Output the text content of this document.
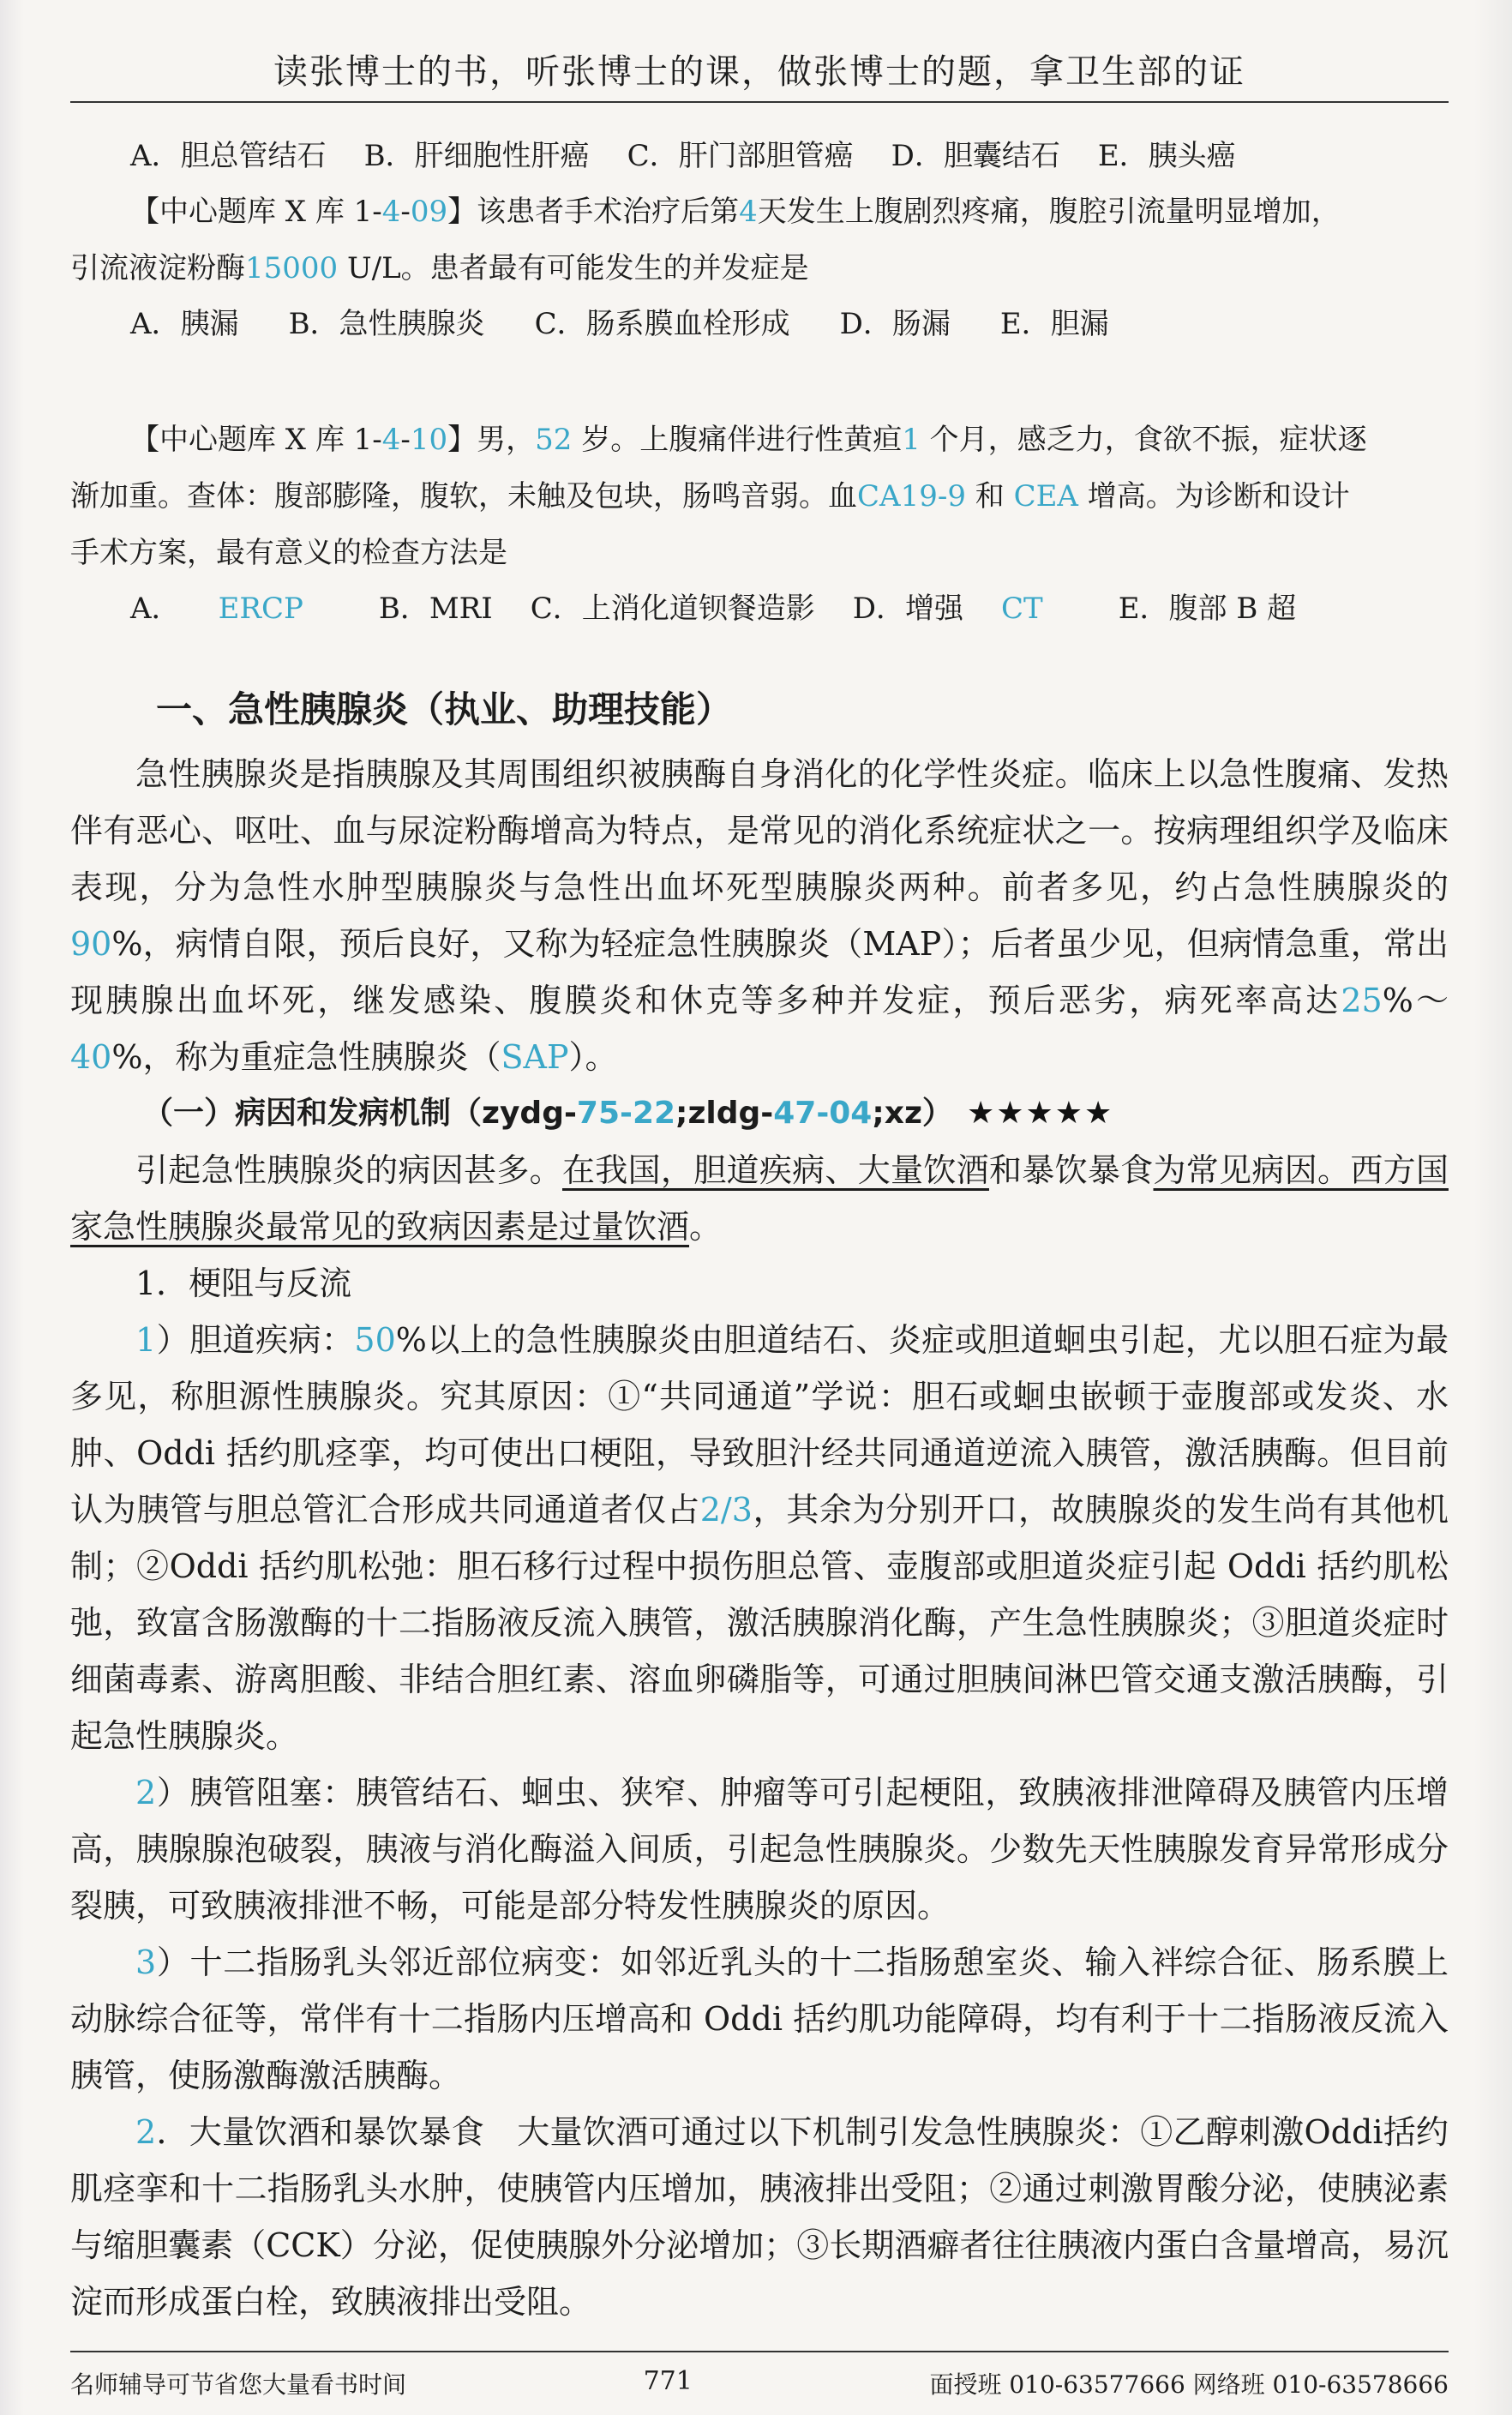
读张博士的书，听张博士的课，做张博士的题，拿卫生部的证
A．胆总管结石 B．肝细胞性肝癌 C．肝门部胆管癌 D．胆囊结石 E．胰头癌
【中心题库 X 库 1-4-09】该患者手术治疗后第4天发生上腹剧烈疼痛，腹腔引流量明显增加，
引流液淀粉酶15000 U/L。患者最有可能发生的并发症是
A．胰漏 B．急性胰腺炎 C．肠系膜血栓形成 D．肠漏 E．胆漏
【中心题库 X 库 1-4-10】男，52 岁。上腹痛伴进行性黄疸1 个月，感乏力，食欲不振，症状逐
渐加重。查体：腹部膨隆，腹软，未触及包块，肠鸣音弱。血CA19-9 和 CEA 增高。为诊断和设计
手术方案，最有意义的检查方法是
A． ERCP	B．MRI C．上消化道钡餐造影 D．增强 CT	E．腹部 B 超
一、急性胰腺炎（执业、助理技能）
急性胰腺炎是指胰腺及其周围组织被胰酶自身消化的化学性炎症。临床上以急性腹痛、发热伴有恶心、呕吐、血与尿淀粉酶增高为特点，是常见的消化系统症状之一。按病理组织学及临床表现，分为急性水肿型胰腺炎与急性出血坏死型胰腺炎两种。前者多见，约占急性胰腺炎的90%，病情自限，预后良好，又称为轻症急性胰腺炎（MAP）；后者虽少见，但病情急重，常出现胰腺出血坏死，继发感染、腹膜炎和休克等多种并发症，预后恶劣，病死率高达25%～40%，称为重症急性胰腺炎（SAP）。
（一）病因和发病机制（zydg-75-22;zldg-47-04;xz） ★★★★★
引起急性胰腺炎的病因甚多。在我国，胆道疾病、大量饮酒和暴饮暴食为常见病因。西方国家急性胰腺炎最常见的致病因素是过量饮酒。
1．梗阻与反流
1）胆道疾病：50%以上的急性胰腺炎由胆道结石、炎症或胆道蛔虫引起，尤以胆石症为最多见，称胆源性胰腺炎。究其原因：①“共同通道”学说：胆石或蛔虫嵌顿于壶腹部或发炎、水肿、Oddi 括约肌痉挛，均可使出口梗阻，导致胆汁经共同通道逆流入胰管，激活胰酶。但目前认为胰管与胆总管汇合形成共同通道者仅占2/3，其余为分别开口，故胰腺炎的发生尚有其他机制；②Oddi 括约肌松弛：胆石移行过程中损伤胆总管、壶腹部或胆道炎症引起 Oddi 括约肌松弛，致富含肠激酶的十二指肠液反流入胰管，激活胰腺消化酶，产生急性胰腺炎；③胆道炎症时细菌毒素、游离胆酸、非结合胆红素、溶血卵磷脂等，可通过胆胰间淋巴管交通支激活胰酶，引起急性胰腺炎。
2）胰管阻塞：胰管结石、蛔虫、狭窄、肿瘤等可引起梗阻，致胰液排泄障碍及胰管内压增高，胰腺腺泡破裂，胰液与消化酶溢入间质，引起急性胰腺炎。少数先天性胰腺发育异常形成分裂胰，可致胰液排泄不畅，可能是部分特发性胰腺炎的原因。
3）十二指肠乳头邻近部位病变：如邻近乳头的十二指肠憩室炎、输入袢综合征、肠系膜上动脉综合征等，常伴有十二指肠内压增高和 Oddi 括约肌功能障碍，均有利于十二指肠液反流入胰管，使肠激酶激活胰酶。
2．大量饮酒和暴饮暴食　大量饮酒可通过以下机制引发急性胰腺炎：①乙醇刺激Oddi括约肌痉挛和十二指肠乳头水肿，使胰管内压增加，胰液排出受阻；②通过刺激胃酸分泌，使胰泌素与缩胆囊素（CCK）分泌，促使胰腺外分泌增加；③长期酒癖者往往胰液内蛋白含量增高，易沉淀而形成蛋白栓，致胰液排出受阻。
名师辅导可节省您大量看书时间	771	面授班 010-63577666 网络班 010-63578666
